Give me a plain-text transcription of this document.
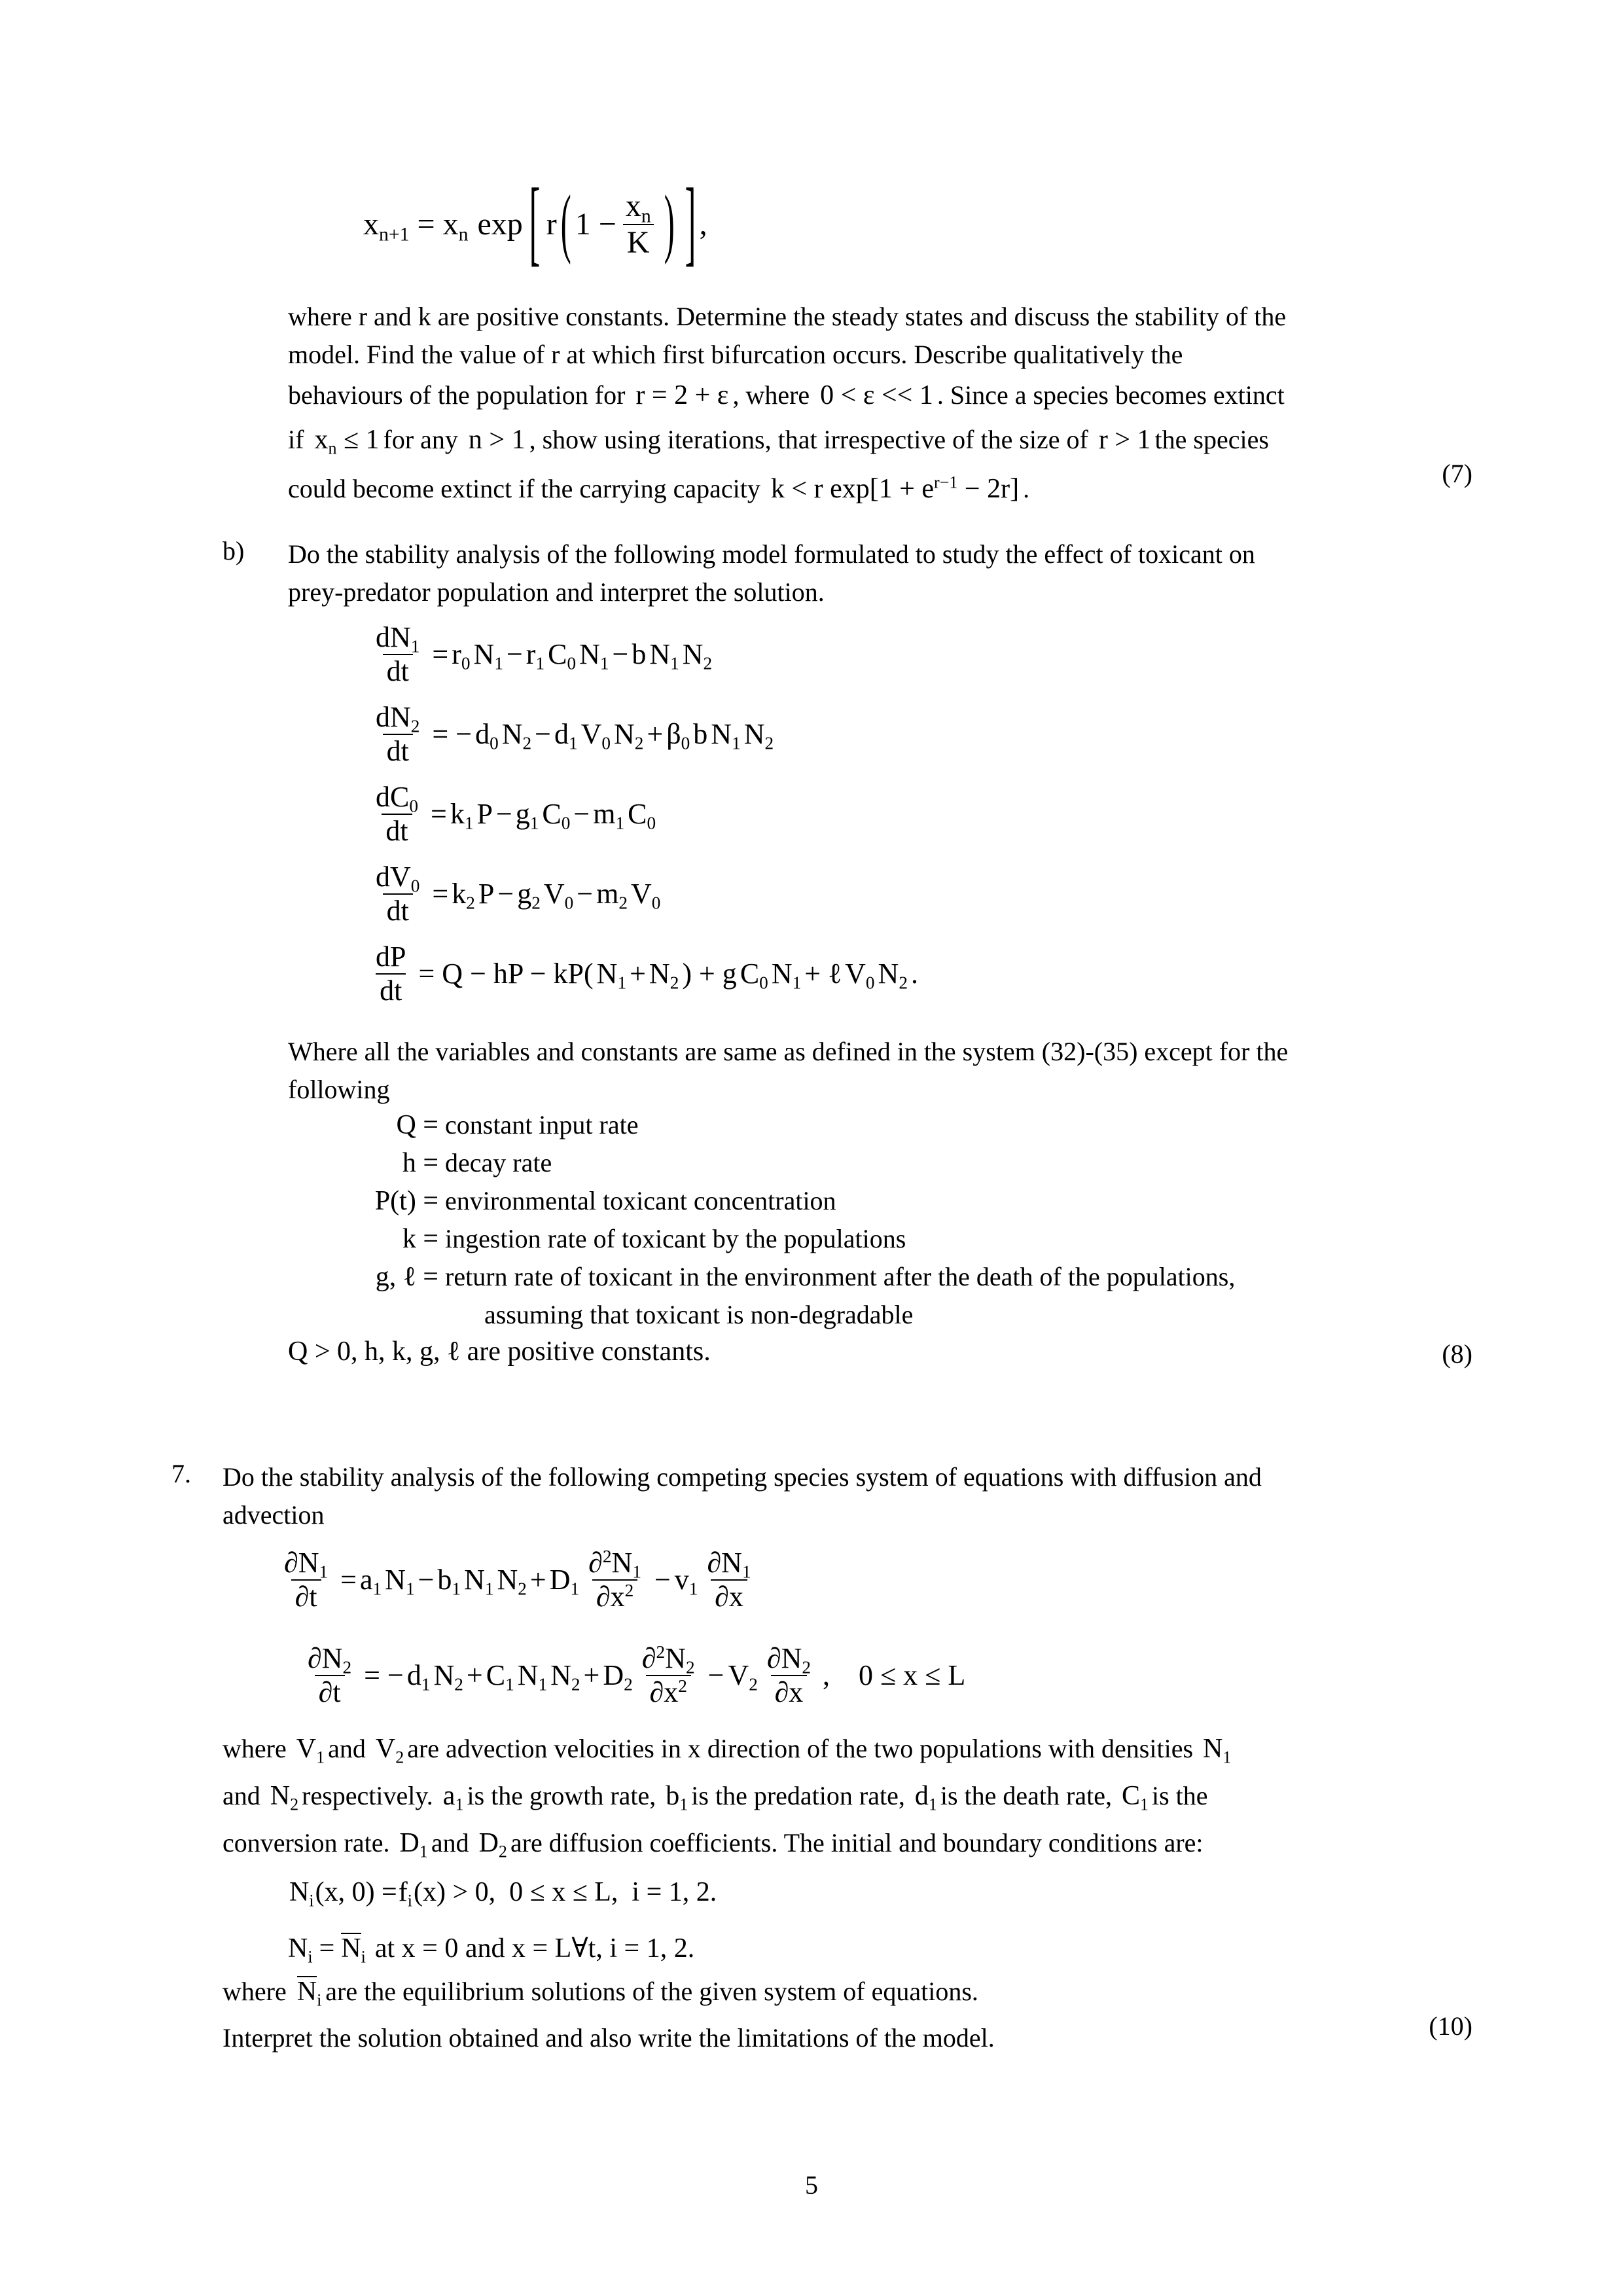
$x_{n+1} = x_n$ exp [ r ( $1 - \frac{x_n}{K}$ ) ] ,
where r and k are positive constants. Determine the steady states and discuss the stability of the
model. Find the value of r at which first bifurcation occurs. Describe qualitatively the
behaviours of the population for r = 2 + ε , where 0 < ε << 1 . Since a species becomes extinct
if $x_n \le 1$ for any n > 1 , show using iterations, that irrespective of the size of r > 1 the species
could become extinct if the carrying capacity k < r $\exp[1 + e^{r-1} - 2r]$ .
(7)
b) Do the stability analysis of the following model formulated to study the effect of toxicant on
prey-predator population and interpret the solution.
$\frac{dN_1}{dt} = r_0$ $N_1 - r_1$ $C_0$ $N_1 - b$ $N_1$ $N_2$
$\frac{dN_2}{dt}$ = − $d_0$ $N_2 - d_1$ $V_0$ $N_2 + \beta_0$ b $N_1$ $N_2$
$\frac{dC_0}{dt} = k_1$ $P - g_1$ $C_0 - m_1$ $C_0$
$\frac{dV_0}{dt} = k_2$ $P - g_2$ $V_0 - m_2$ $V_0$
$\frac{dP}{dt} = Q$ − hP − kP( $N_1 + N_2$ ) + g $C_0$ $N_1$ + ℓ $V_0$ $N_2$ .
Where all the variables and constants are same as defined in the system (32)-(35) except for the
following
Q = constant input rate
h = decay rate
P(t) = environmental toxicant concentration
k = ingestion rate of toxicant by the populations
g, ℓ = return rate of toxicant in the environment after the death of the populations,
assuming that toxicant is non-degradable
Q > 0, h, k, g, ℓ are positive constants.	(8)
7. Do the stability analysis of the following competing species system of equations with diffusion and
advection
$\frac{\partial N_1}{\partial t} = a_1$ $N_1 - b_1$ $N_1$ $N_2 + D_1 \frac{\partial^2N_1}{\partial x^2} - v_1 \frac{\partial N_1}{\partial x}$
$\frac{\partial N_2}{\partial t}$ = − $d_1$ $N_2 + C_1$ $N_1$ $N_2 + D_2 \frac{\partial^2N_2}{\partial x^2} - V_2 \frac{\partial N_2}{\partial x}$ ,    0 ≤ x ≤ L
where $V_1$ and $V_2$ are advection velocities in x direction of the two populations with densities $N_1$
and $N_2$ respectively. $a_1$ is the growth rate, $b_1$ is the predation rate, $d_1$ is the death rate, $C_1$ is the
conversion rate. $D_1$ and $D_2$ are diffusion coefficients. The initial and boundary conditions are:
$N_i(x$, $0) =f_i(x) > 0$,  0 ≤ x ≤ L,  i = 1, 2.
$N_i = N_i$ at x = 0 and x = L∀t, i = 1, 2.
where $N_i$ are the equilibrium solutions of the given system of equations.
Interpret the solution obtained and also write the limitations of the model.	(10)
5
